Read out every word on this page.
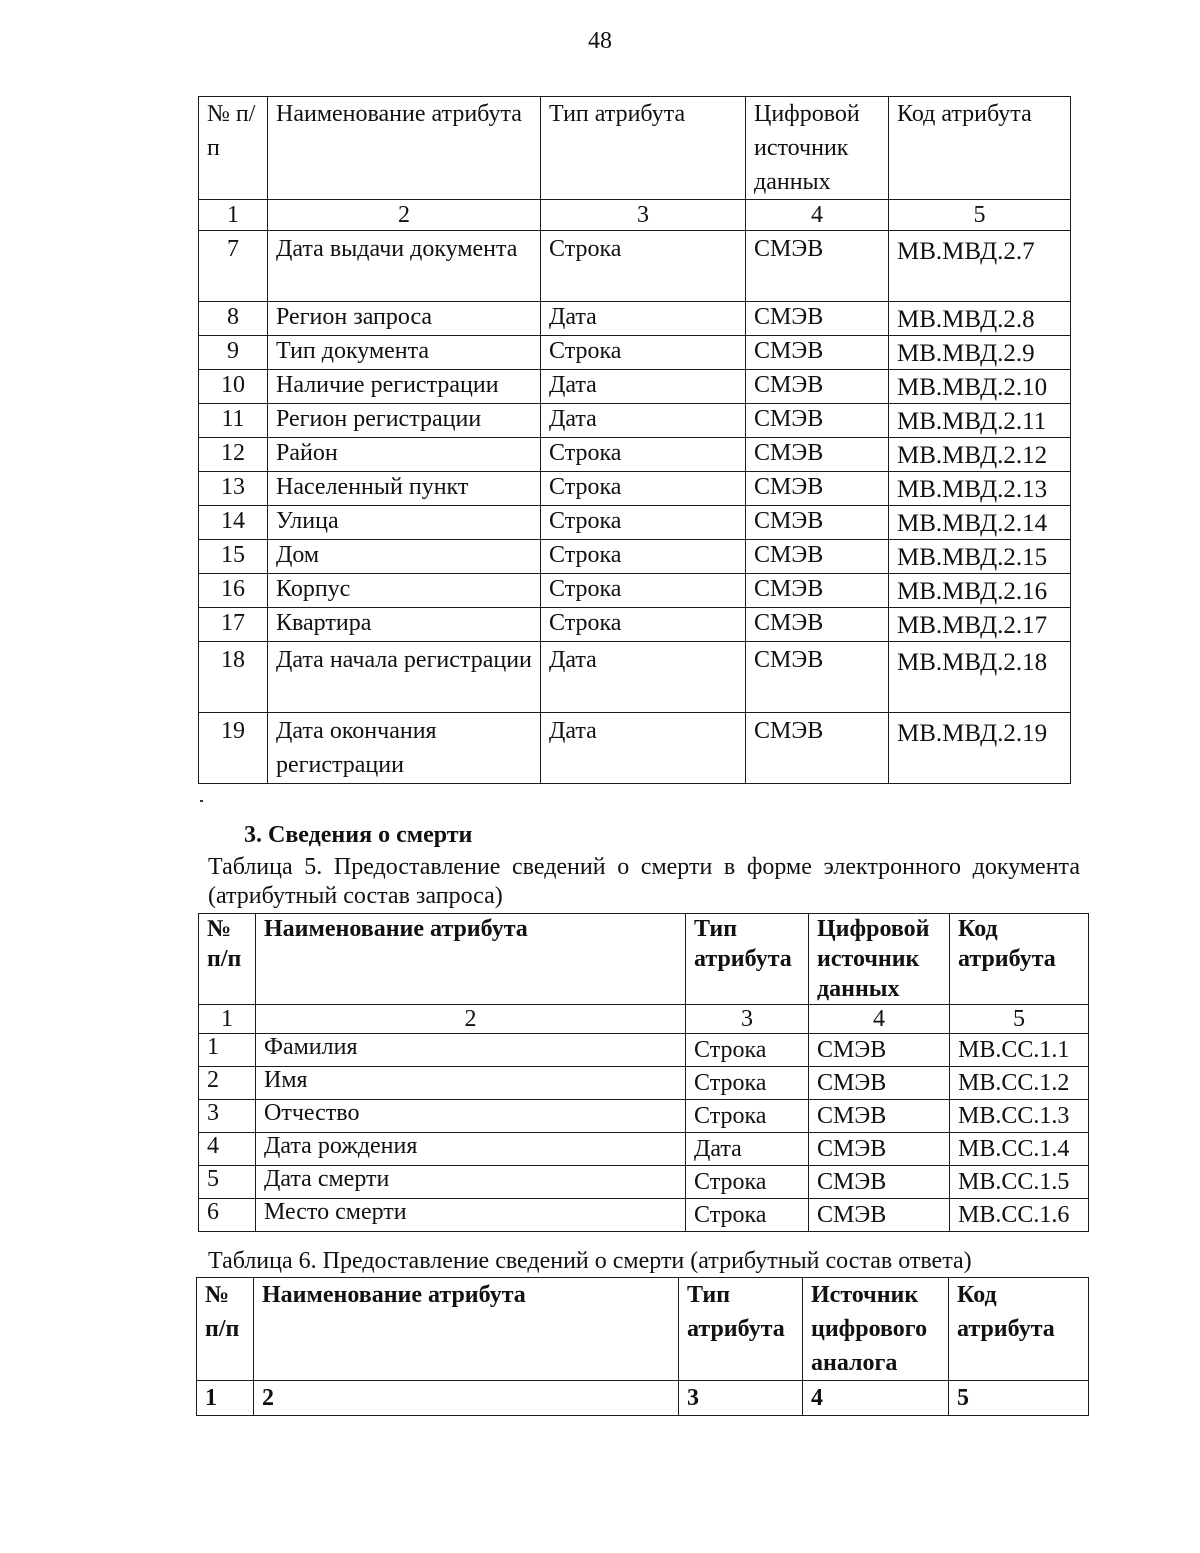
48
№ п/п	Наименование атрибута	Тип атрибута	Цифровой источник данных	Код атрибута
1	2	3	4	5
7	Дата выдачи документа	Строка	СМЭВ	МВ.МВД.2.7
8	Регион запроса	Дата	СМЭВ	МВ.МВД.2.8
9	Тип документа	Строка	СМЭВ	МВ.МВД.2.9
10	Наличие регистрации	Дата	СМЭВ	МВ.МВД.2.10
11	Регион регистрации	Дата	СМЭВ	МВ.МВД.2.11
12	Район	Строка	СМЭВ	МВ.МВД.2.12
13	Населенный пункт	Строка	СМЭВ	МВ.МВД.2.13
14	Улица	Строка	СМЭВ	МВ.МВД.2.14
15	Дом	Строка	СМЭВ	МВ.МВД.2.15
16	Корпус	Строка	СМЭВ	МВ.МВД.2.16
17	Квартира	Строка	СМЭВ	МВ.МВД.2.17
18	Дата начала регистрации	Дата	СМЭВ	МВ.МВД.2.18
19	Дата окончания регистрации	Дата	СМЭВ	МВ.МВД.2.19
3. Сведения о смерти
Таблица 5. Предоставление сведений о смерти в форме электронного документа (атрибутный состав запроса)
№ п/п	Наименование атрибута	Тип атрибута	Цифровой источник данных	Код атрибута
1	2	3	4	5
1	Фамилия	Строка	СМЭВ	МВ.СС.1.1
2	Имя	Строка	СМЭВ	МВ.СС.1.2
3	Отчество	Строка	СМЭВ	МВ.СС.1.3
4	Дата рождения	Дата	СМЭВ	МВ.СС.1.4
5	Дата смерти	Строка	СМЭВ	МВ.СС.1.5
6	Место смерти	Строка	СМЭВ	МВ.СС.1.6
Таблица 6. Предоставление сведений о смерти (атрибутный состав ответа)
№ п/п	Наименование атрибута	Тип атрибута	Источник цифрового аналога	Код атрибута
1	2	3	4	5
